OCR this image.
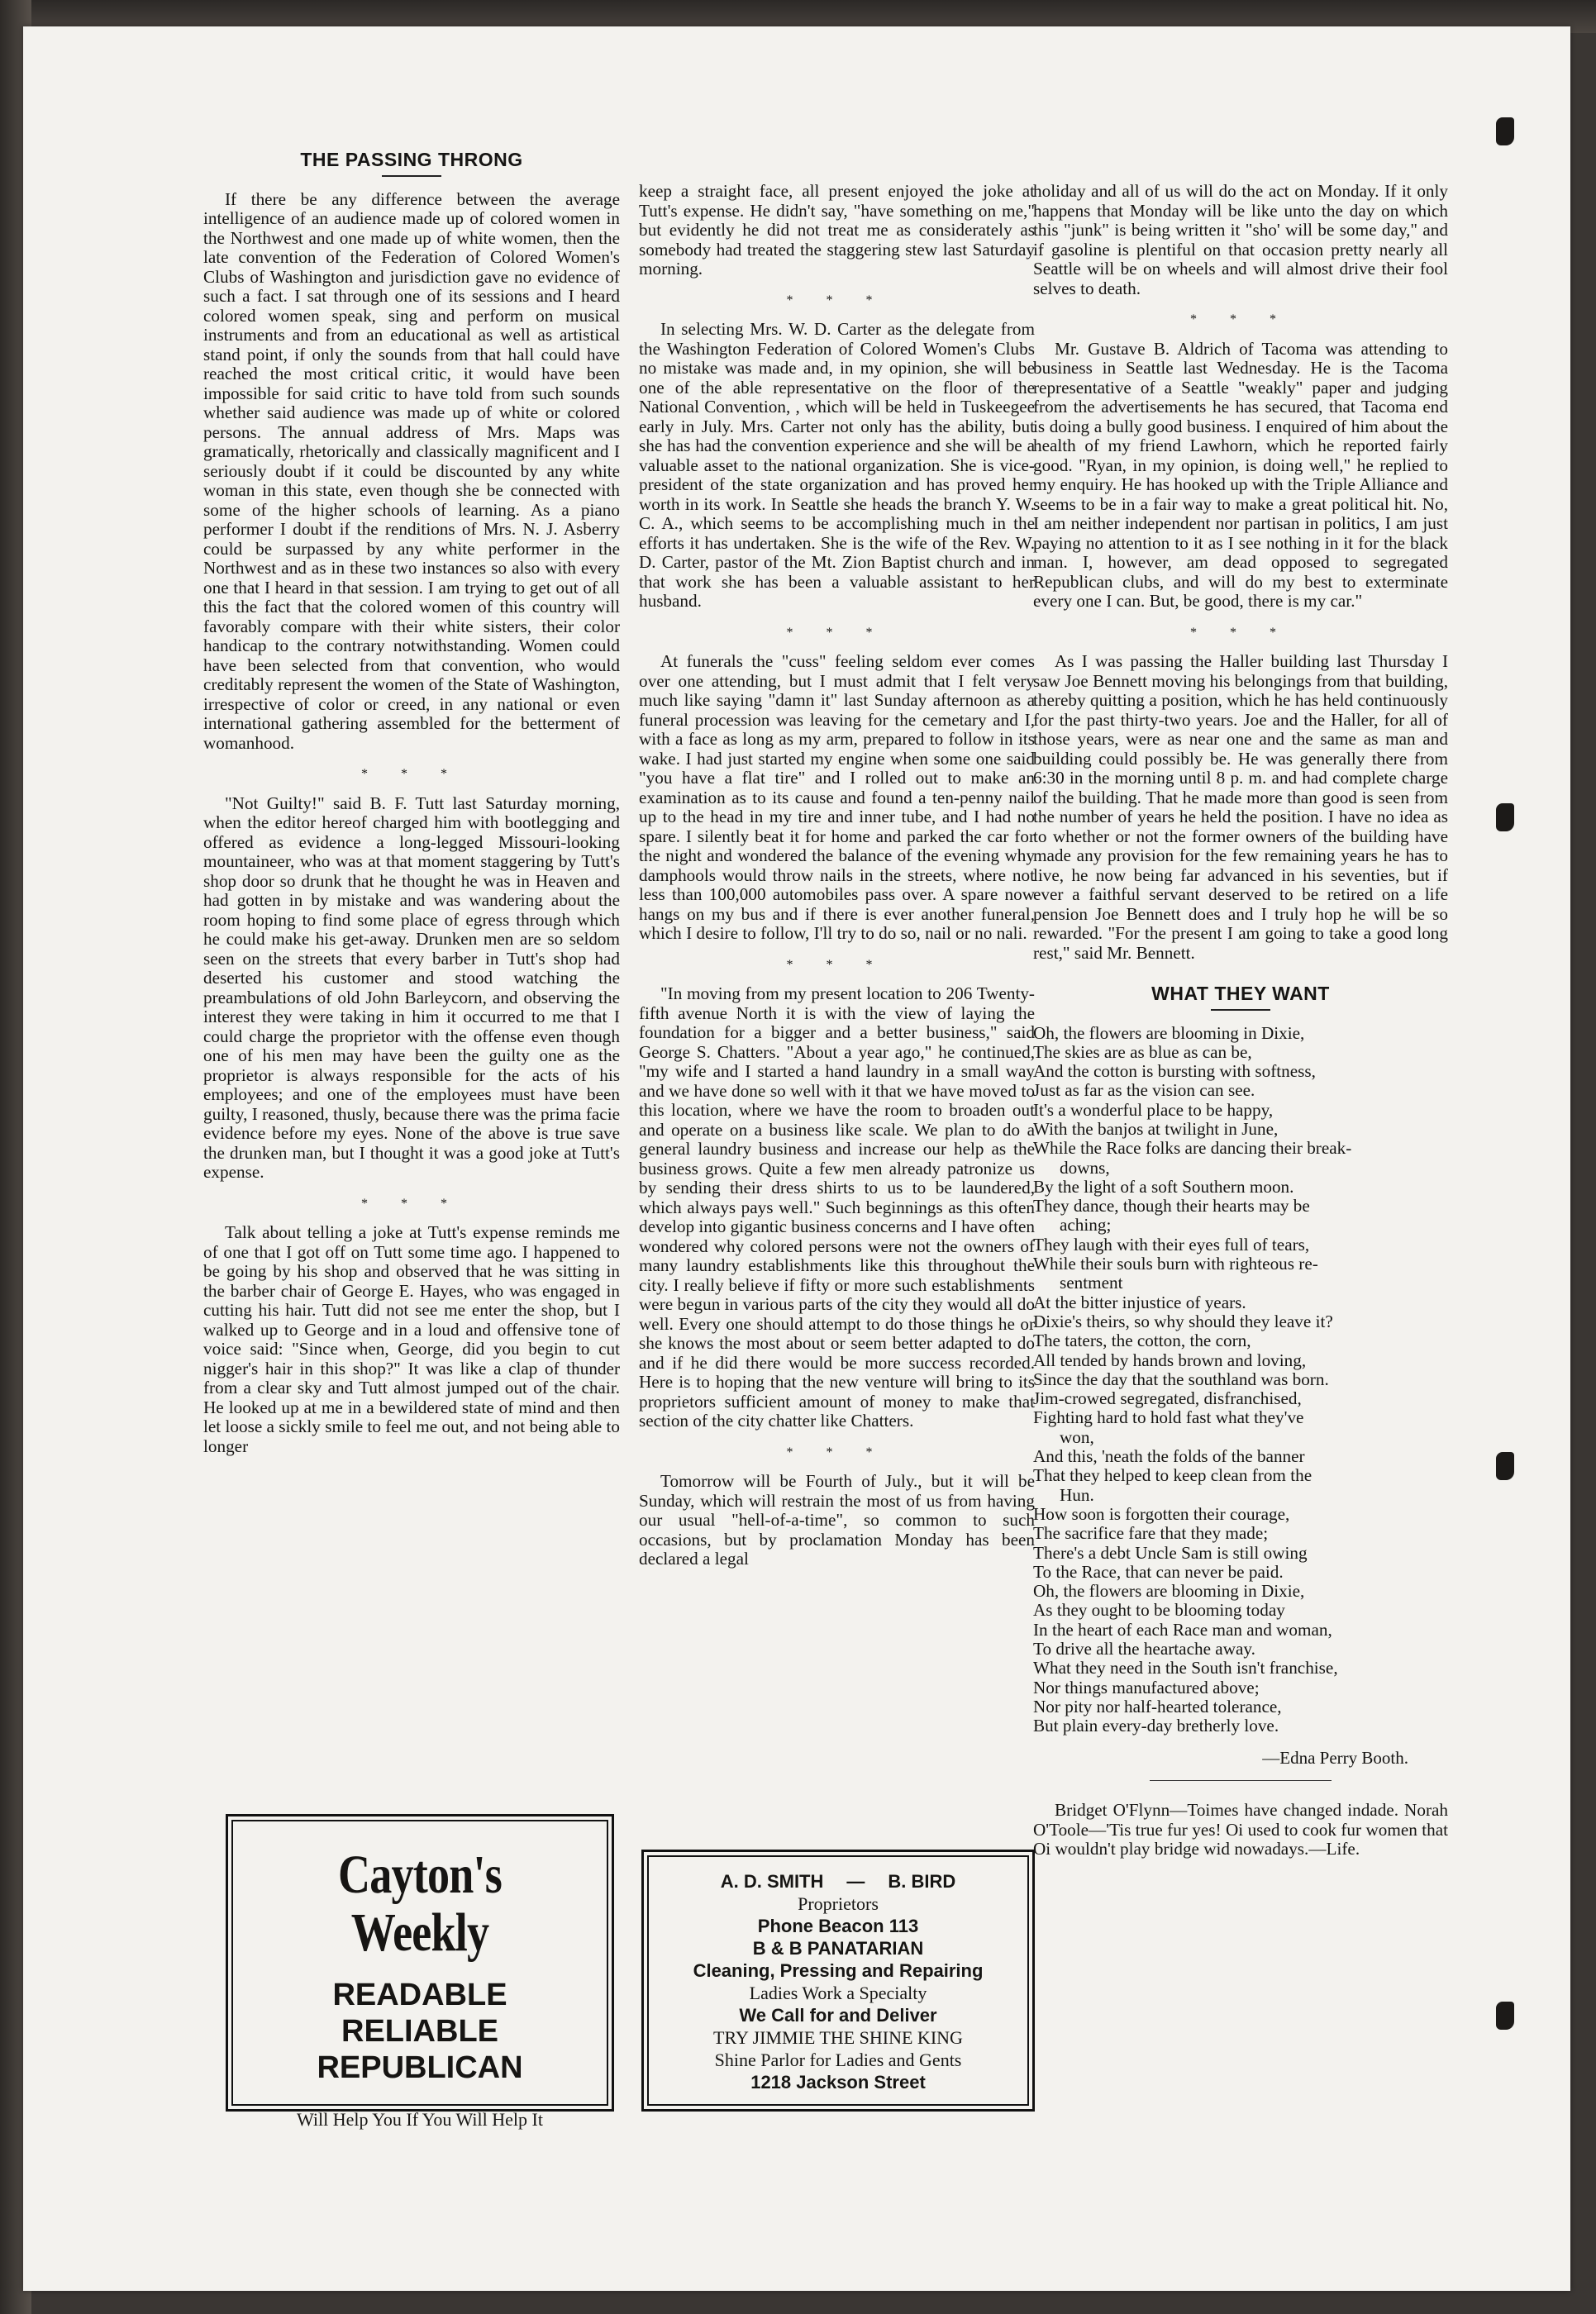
THE PASSING THRONG

If there be any difference between the average intelligence of an audience made up of colored women in the Northwest and one made up of white women, then the late convention of the Federation of Colored Women's Clubs of Washington and jurisdiction gave no evidence of such a fact. I sat through one of its sessions and I heard colored women speak, sing and perform on musical instruments and from an educational as well as artistical stand point, if only the sounds from that hall could have reached the most critical critic, it would have been impossible for said critic to have told from such sounds whether said audience was made up of white or colored persons. The annual address of Mrs. Maps was gramatically, rhetorically and classically magnificent and I seriously doubt if it could be discounted by any white woman in this state, even though she be connected with some of the higher schools of learning. As a piano performer I doubt if the renditions of Mrs. N. J. Asberry could be surpassed by any white performer in the Northwest and as in these two instances so also with every one that I heard in that session. I am trying to get out of all this the fact that the colored women of this country will favorably compare with their white sisters, their color handicap to the contrary notwithstanding. Women could have been selected from that convention, who would creditably represent the women of the State of Washington, irrespective of color or creed, in any national or even international gathering assembled for the betterment of womanhood.

* * *

"Not Guilty!" said B. F. Tutt last Saturday morning, when the editor hereof charged him with bootlegging and offered as evidence a long-legged Missouri-looking mountaineer, who was at that moment staggering by Tutt's shop door so drunk that he thought he was in Heaven and had gotten in by mistake and was wandering about the room hoping to find some place of egress through which he could make his get-away. Drunken men are so seldom seen on the streets that every barber in Tutt's shop had deserted his customer and stood watching the preambulations of old John Barleycorn, and observing the interest they were taking in him it occurred to me that I could charge the proprietor with the offense even though one of his men may have been the guilty one as the proprietor is always responsible for the acts of his employees; and one of the employees must have been guilty, I reasoned, thusly, because there was the prima facie evidence before my eyes. None of the above is true save the drunken man, but I thought it was a good joke at Tutt's expense.

* * *

Talk about telling a joke at Tutt's expense reminds me of one that I got off on Tutt some time ago. I happened to be going by his shop and observed that he was sitting in the barber chair of George E. Hayes, who was engaged in cutting his hair. Tutt did not see me enter the shop, but I walked up to George and in a loud and offensive tone of voice said: "Since when, George, did you begin to cut nigger's hair in this shop?" It was like a clap of thunder from a clear sky and Tutt almost jumped out of the chair. He looked up at me in a bewildered state of mind and then let loose a sickly smile to feel me out, and not being able to longer

keep a straight face, all present enjoyed the joke at Tutt's expense. He didn't say, "have something on me," but evidently he did not treat me as considerately as somebody had treated the staggering stew last Saturday morning.

* * *

In selecting Mrs. W. D. Carter as the delegate from the Washington Federation of Colored Women's Clubs no mistake was made and, in my opinion, she will be one of the able representative on the floor of the National Convention, , which will be held in Tuskeegee early in July. Mrs. Carter not only has the ability, but she has had the convention experience and she will be a valuable asset to the national organization. She is vice-president of the state organization and has proved her worth in its work. In Seattle she heads the branch Y. W. C. A., which seems to be accomplishing much in the efforts it has undertaken. She is the wife of the Rev. W. D. Carter, pastor of the Mt. Zion Baptist church and in that work she has been a valuable assistant to her husband.

* * *

At funerals the "cuss" feeling seldom ever comes over one attending, but I must admit that I felt very much like saying "damn it" last Sunday afternoon as a funeral procession was leaving for the cemetary and I, with a face as long as my arm, prepared to follow in its wake. I had just started my engine when some one said "you have a flat tire" and I rolled out to make an examination as to its cause and found a ten-penny nail up to the head in my tire and inner tube, and I had no spare. I silently beat it for home and parked the car for the night and wondered the balance of the evening why damphools would throw nails in the streets, where not less than 100,000 automobiles pass over. A spare now hangs on my bus and if there is ever another funeral, which I desire to follow, I'll try to do so, nail or no nali.

* * *

"In moving from my present location to 206 Twenty-fifth avenue North it is with the view of laying the foundation for a bigger and a better business," said George S. Chatters. "About a year ago," he continued, "my wife and I started a hand laundry in a small way and we have done so well with it that we have moved to this location, where we have the room to broaden out and operate on a business like scale. We plan to do a general laundry business and increase our help as the business grows. Quite a few men already patronize us by sending their dress shirts to us to be laundered, which always pays well." Such beginnings as this often develop into gigantic business concerns and I have often wondered why colored persons were not the owners of many laundry establishments like this throughout the city. I really believe if fifty or more such establishments were begun in various parts of the city they would all do well. Every one should attempt to do those things he or she knows the most about or seem better adapted to do and if he did there would be more success recorded. Here is to hoping that the new venture will bring to its proprietors sufficient amount of money to make that section of the city chatter like Chatters.

* * *

Tomorrow will be Fourth of July., but it will be Sunday, which will restrain the most of us from having our usual "hell-of-a-time", so common to such occasions, but by proclamation Monday has been declared a legal

holiday and all of us will do the act on Monday. If it only happens that Monday will be like unto the day on which this "junk" is being written it "sho' will be some day," and if gasoline is plentiful on that occasion pretty nearly all Seattle will be on wheels and will almost drive their fool selves to death.

* * *

Mr. Gustave B. Aldrich of Tacoma was attending to business in Seattle last Wednesday. He is the Tacoma representative of a Seattle "weakly" paper and judging from the advertisements he has secured, that Tacoma end is doing a bully good business. I enquired of him about the health of my friend Lawhorn, which he reported fairly good. "Ryan, in my opinion, is doing well," he replied to my enquiry. He has hooked up with the Triple Alliance and seems to be in a fair way to make a great political hit. No, I am neither independent nor partisan in politics, I am just paying no attention to it as I see nothing in it for the black man. I, however, am dead opposed to segregated Republican clubs, and will do my best to exterminate every one I can. But, be good, there is my car."

* * *

As I was passing the Haller building last Thursday I saw Joe Bennett moving his belongings from that building, thereby quitting a position, which he has held continuously for the past thirty-two years. Joe and the Haller, for all of those years, were as near one and the same as man and building could possibly be. He was generally there from 6:30 in the morning until 8 p. m. and had complete charge of the building. That he made more than good is seen from the number of years he held the position. I have no idea as to whether or not the former owners of the building have made any provision for the few remaining years he has to live, he now being far advanced in his seventies, but if ever a faithful servant deserved to be retired on a life pension Joe Bennett does and I truly hop he will be so rewarded. "For the present I am going to take a good long rest," said Mr. Bennett.

WHAT THEY WANT
Oh, the flowers are blooming in Dixie,
The skies are as blue as can be,
And the cotton is bursting with softness,
Just as far as the vision can see.
It's a wonderful place to be happy,
With the banjos at twilight in June,
While the Race folks are dancing their break-
downs,
By the light of a soft Southern moon.
They dance, though their hearts may be
aching;
They laugh with their eyes full of tears,
While their souls burn with righteous re-
sentment
At the bitter injustice of years.
Dixie's theirs, so why should they leave it?
The taters, the cotton, the corn,
All tended by hands brown and loving,
Since the day that the southland was born.
Jim-crowed segregated, disfranchised,
Fighting hard to hold fast what they've
won,
And this, 'neath the folds of the banner
That they helped to keep clean from the
Hun.
How soon is forgotten their courage,
The sacrifice fare that they made;
There's a debt Uncle Sam is still owing
To the Race, that can never be paid.
Oh, the flowers are blooming in Dixie,
As they ought to be blooming today
In the heart of each Race man and woman,
To drive all the heartache away.
What they need in the South isn't franchise,
Nor things manufactured above;
Nor pity nor half-hearted tolerance,
But plain every-day bretherly love.
—Edna Perry Booth.

Bridget O'Flynn—Toimes have changed indade. Norah O'Toole—'Tis true fur yes! Oi used to cook fur women that Oi wouldn't play bridge wid nowadays.—Life.

Cayton's Weekly
READABLE
RELIABLE
REPUBLICAN
Will Help You If You Will Help It
A. D. SMITH — B. BIRD
Proprietors
Phone Beacon 113
B & B PANATARIAN
Cleaning, Pressing and Repairing
Ladies Work a Specialty
We Call for and Deliver
TRY JIMMIE THE SHINE KING
Shine Parlor for Ladies and Gents
1218 Jackson Street
